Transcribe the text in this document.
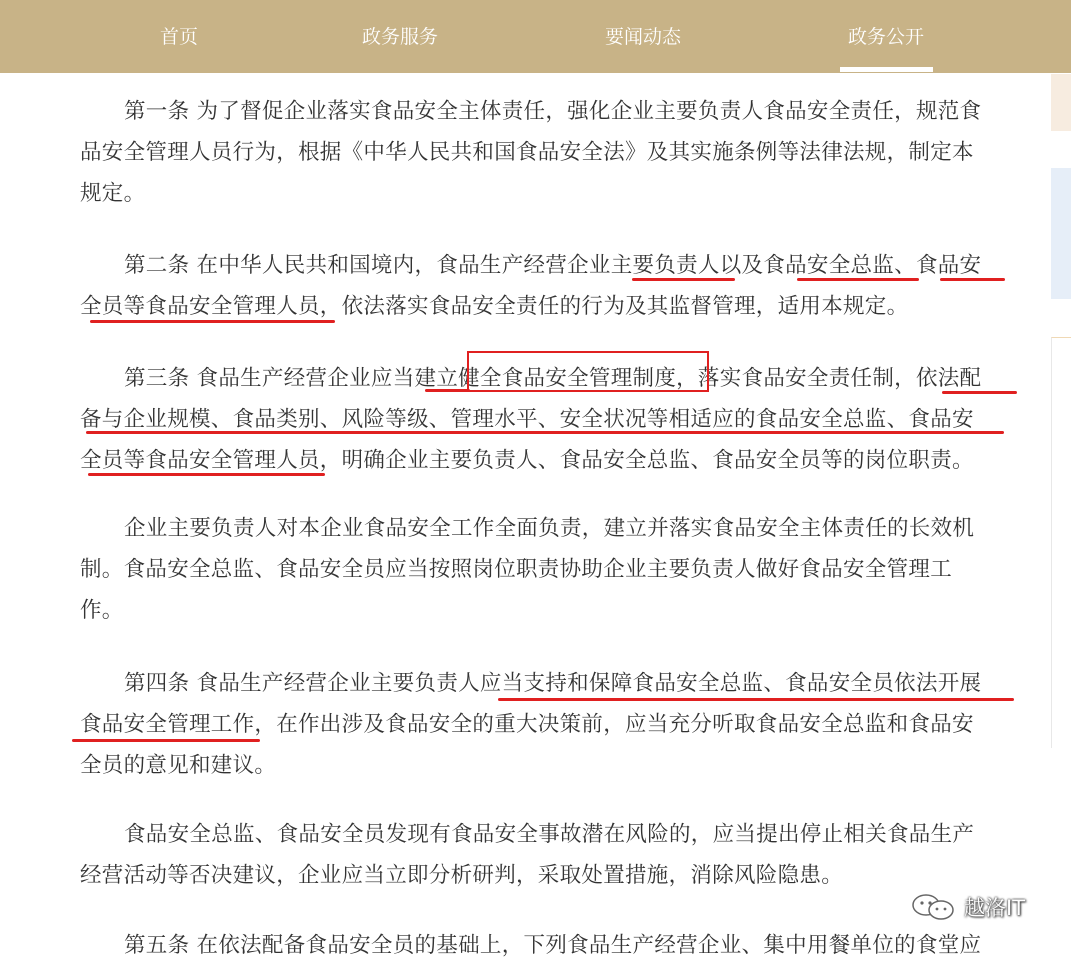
首页	政务服务	要闻动态	政务公开
第一条 为了督促企业落实食品安全主体责任，强化企业主要负责人食品安全责任，规范食
品安全管理人员行为，根据《中华人民共和国食品安全法》及其实施条例等法律法规，制定本
规定。
第二条 在中华人民共和国境内，食品生产经营企业主要负责人以及食品安全总监、食品安
全员等食品安全管理人员，依法落实食品安全责任的行为及其监督管理，适用本规定。
第三条 食品生产经营企业应当建立健全食品安全管理制度，落实食品安全责任制，依法配
备与企业规模、食品类别、风险等级、管理水平、安全状况等相适应的食品安全总监、食品安
全员等食品安全管理人员，明确企业主要负责人、食品安全总监、食品安全员等的岗位职责。
企业主要负责人对本企业食品安全工作全面负责，建立并落实食品安全主体责任的长效机
制。食品安全总监、食品安全员应当按照岗位职责协助企业主要负责人做好食品安全管理工
作。
第四条 食品生产经营企业主要负责人应当支持和保障食品安全总监、食品安全员依法开展
食品安全管理工作，在作出涉及食品安全的重大决策前，应当充分听取食品安全总监和食品安
全员的意见和建议。
食品安全总监、食品安全员发现有食品安全事故潜在风险的，应当提出停止相关食品生产
经营活动等否决建议，企业应当立即分析研判，采取处置措施，消除风险隐患。
第五条 在依法配备食品安全员的基础上，下列食品生产经营企业、集中用餐单位的食堂应
越洛IT
